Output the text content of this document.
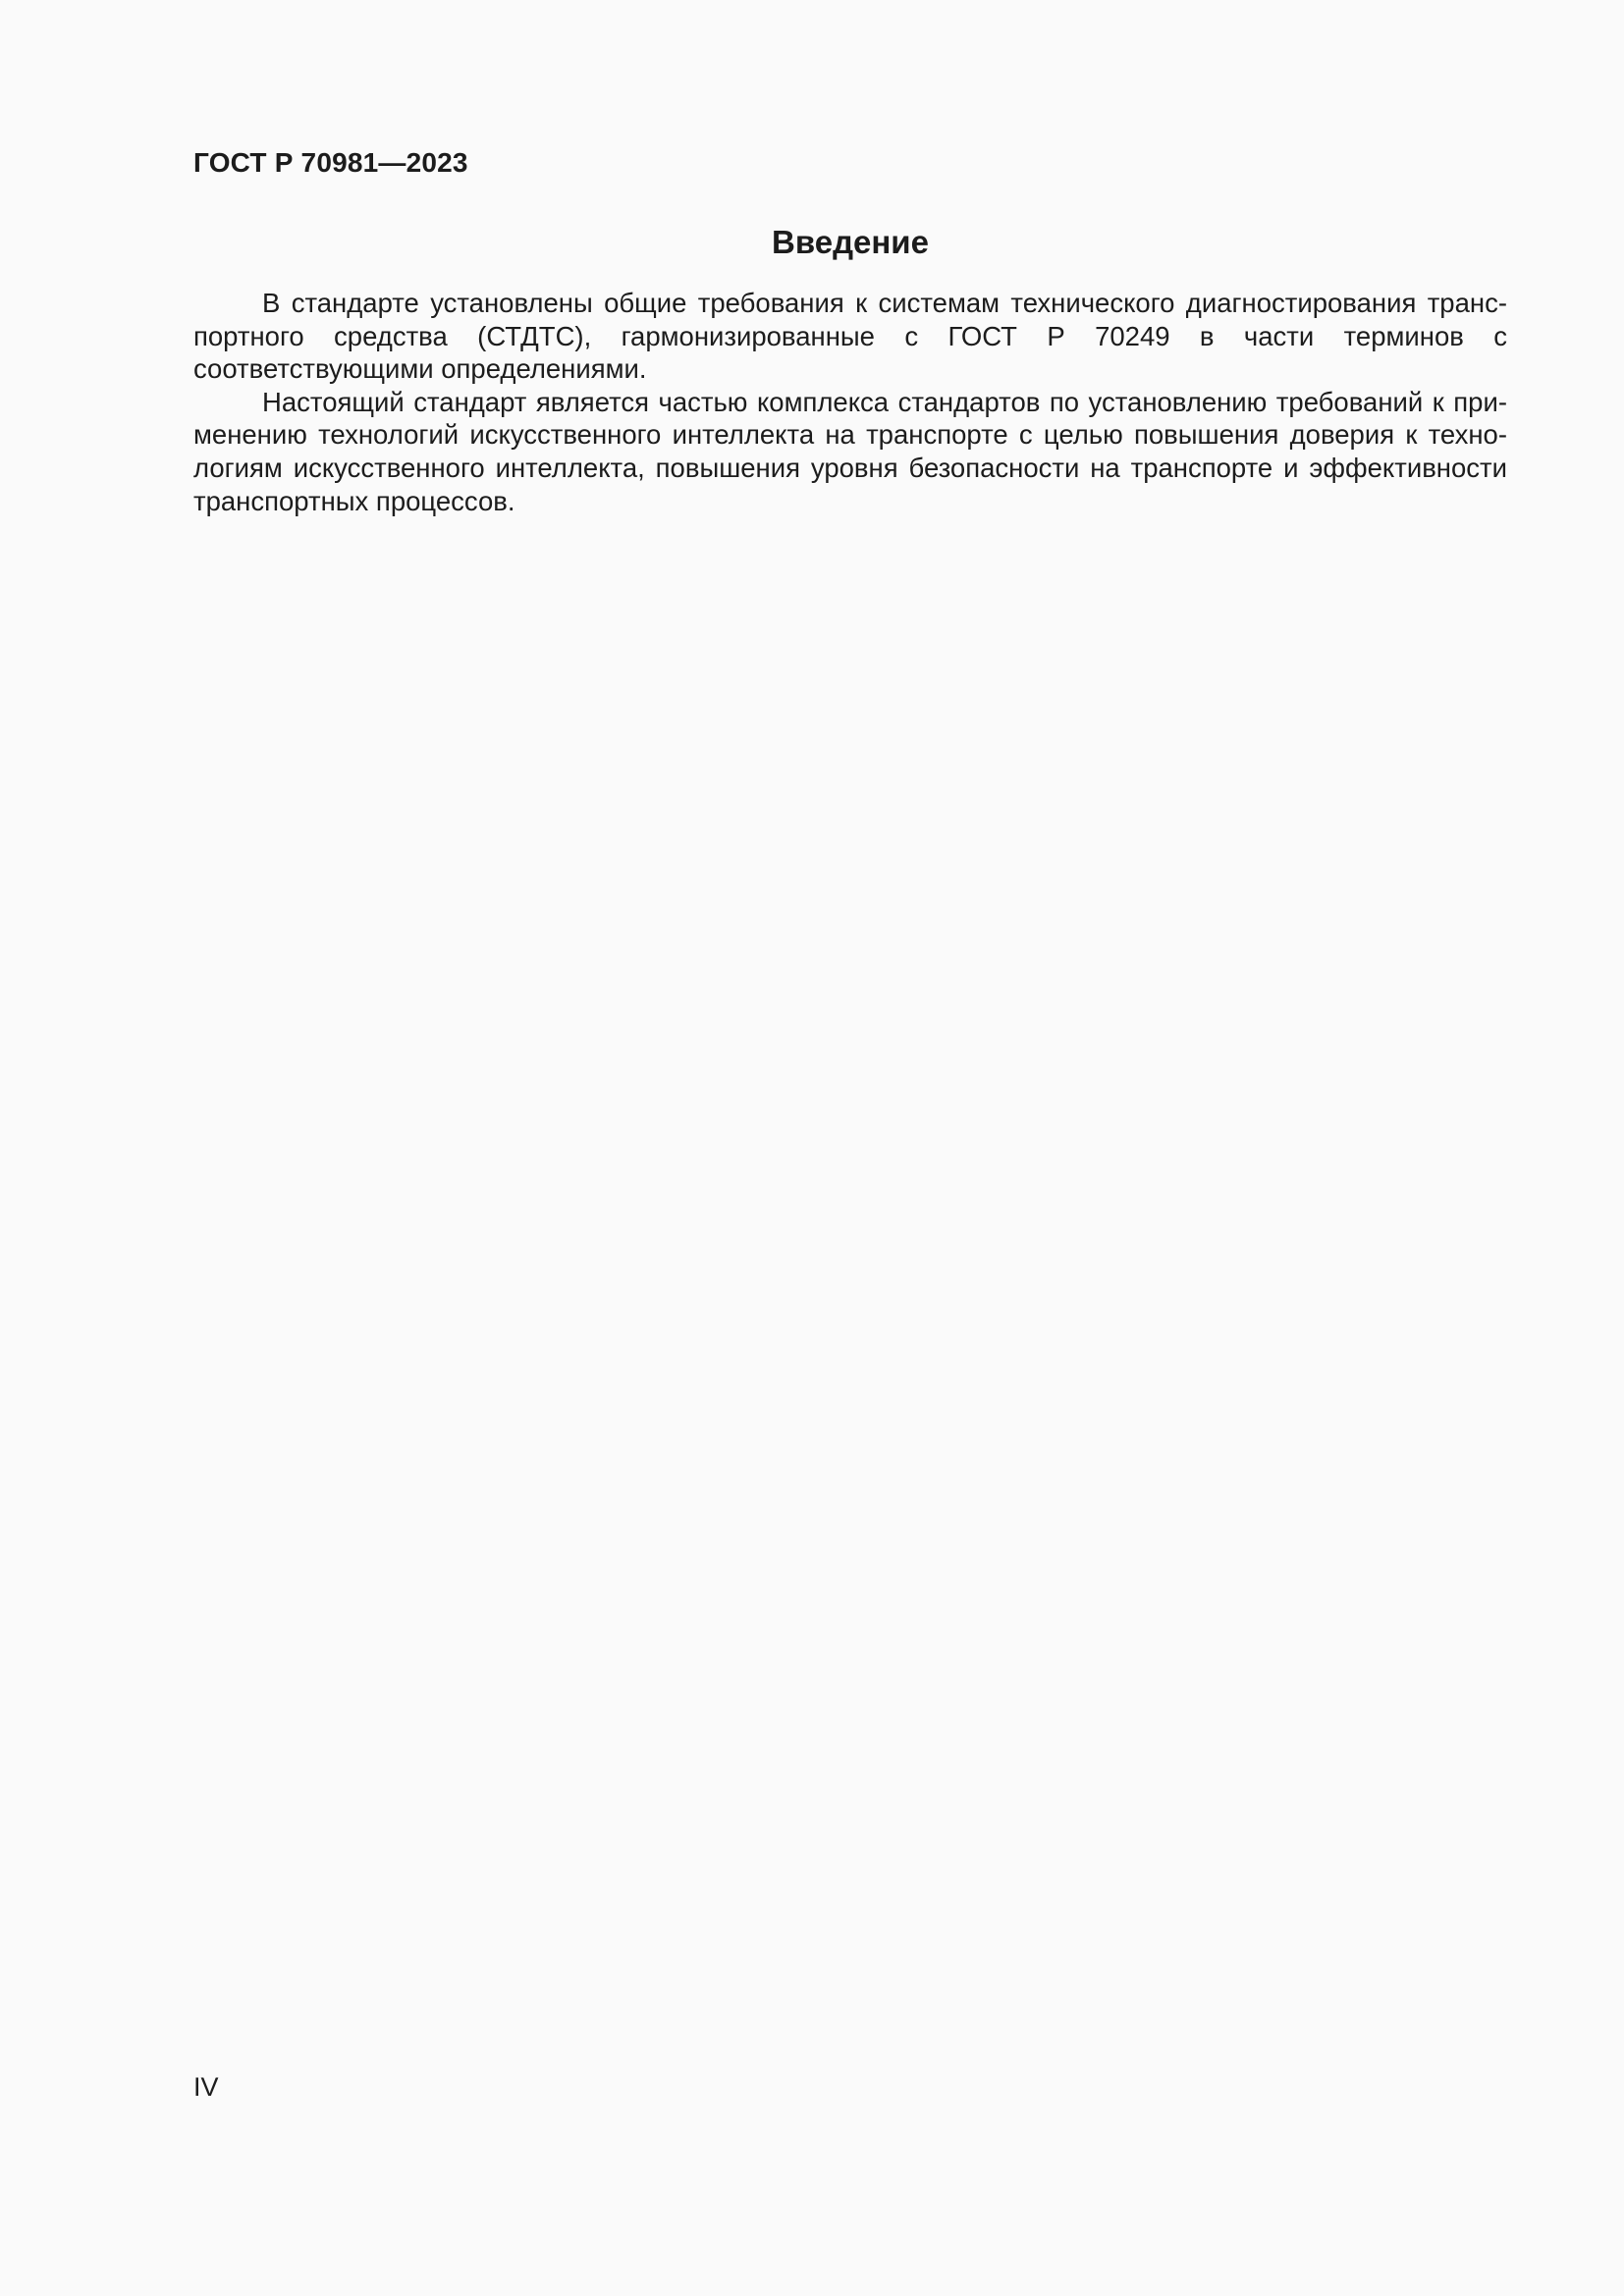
ГОСТ Р 70981—2023
Введение

В стандарте установлены общие требования к системам технического диагностирования транспортного средства (СТДТС), гармонизированные с ГОСТ Р 70249 в части терминов с соответствующими определениями.

Настоящий стандарт является частью комплекса стандартов по установлению требований к применению технологий искусственного интеллекта на транспорте с целью повышения доверия к технологиям искусственного интеллекта, повышения уровня безопасности на транспорте и эффективности транспортных процессов.

IV
